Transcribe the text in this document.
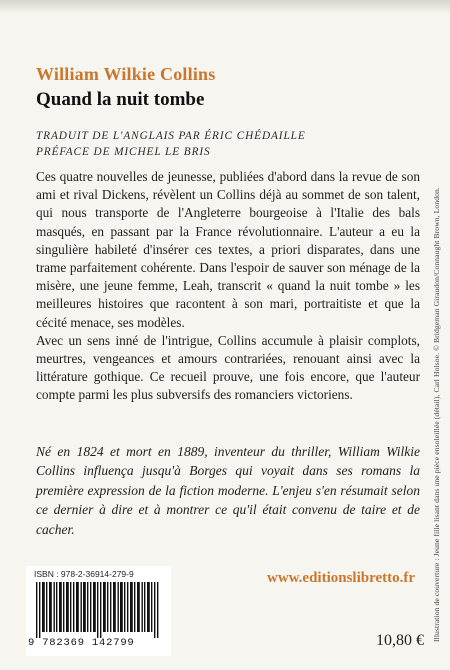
William Wilkie Collins
Quand la nuit tombe
TRADUIT DE L'ANGLAIS PAR ÉRIC CHÉDAILLE
PRÉFACE DE MICHEL LE BRIS

Ces quatre nouvelles de jeunesse, publiées d'abord dans la revue de son ami et rival Dickens, révèlent un Collins déjà au sommet de son talent, qui nous transporte de l'Angleterre bourgeoise à l'Italie des bals masqués, en passant par la France révolutionnaire. L'auteur a eu la singulière habileté d'insérer ces textes, a priori disparates, dans une trame parfaitement cohérente. Dans l'espoir de sauver son ménage de la misère, une jeune femme, Leah, transcrit « quand la nuit tombe » les meilleures histoires que racontent à son mari, portraitiste et que la cécité menace, ses modèles.

Avec un sens inné de l'intrigue, Collins accumule à plaisir complots, meurtres, vengeances et amours contrariées, renouant ainsi avec la littérature gothique. Ce recueil prouve, une fois encore, que l'auteur compte parmi les plus subversifs des romanciers victoriens.

Né en 1824 et mort en 1889, inventeur du thriller, William Wilkie Collins influença jusqu'à Borges qui voyait dans ses romans la première expression de la fiction moderne. L'enjeu s'en résumait selon ce dernier à dire et à montrer ce qu'il était convenu de taire et de cacher.	Illustration de couverture : Jeune fille lisant dans une pièce ensoleillée (détail), Carl Holsoe. © Bridgeman Giraudon/Connaught Brown, London.
ISBN : 978-2-36914-279-9
9 782369 142799
www.editionslibretto.fr
10,80 €
